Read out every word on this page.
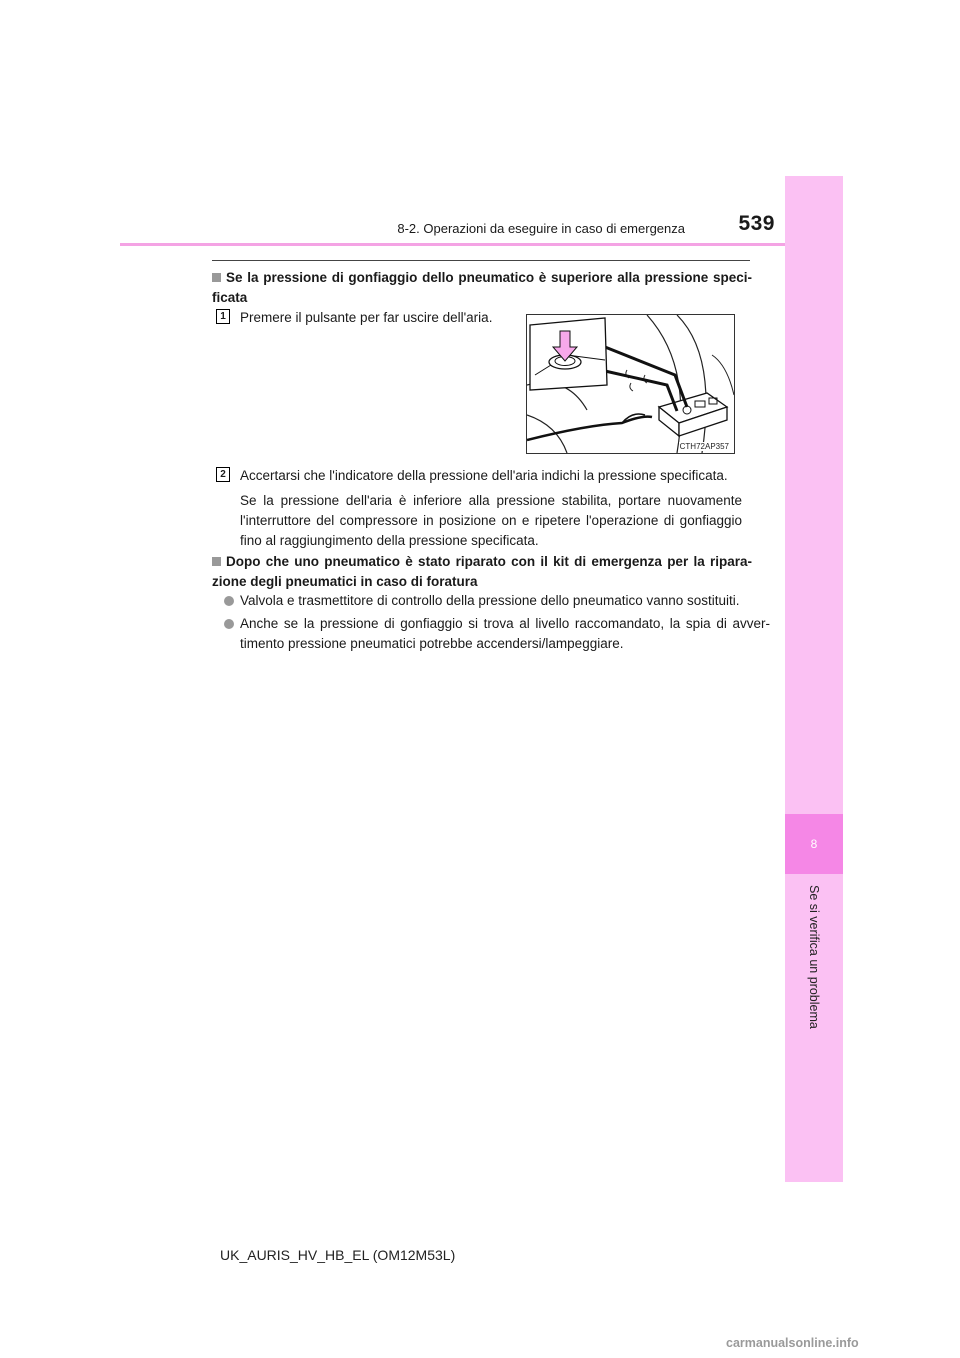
8-2. Operazioni da eseguire in caso di emergenza	539
8
Se si verifica un problema
Se la pressione di gonfiaggio dello pneumatico è superiore alla pressione speci-ficata
1	Premere il pulsante per far uscire dell'aria.
CTH72AP357
2	Accertarsi che l'indicatore della pressione dell'aria indichi la pressione specificata.
Se la pressione dell'aria è inferiore alla pressione stabilita, portare nuovamente l'interruttore del compressore in posizione on e ripetere l'operazione di gonfiaggio fino al raggiungimento della pressione specificata.
Dopo che uno pneumatico è stato riparato con il kit di emergenza per la ripara-zione degli pneumatici in caso di foratura
Valvola e trasmettitore di controllo della pressione dello pneumatico vanno sostituiti.
Anche se la pressione di gonfiaggio si trova al livello raccomandato, la spia di avver-timento pressione pneumatici potrebbe accendersi/lampeggiare.
UK_AURIS_HV_HB_EL (OM12M53L)
carmanualsonline.info
